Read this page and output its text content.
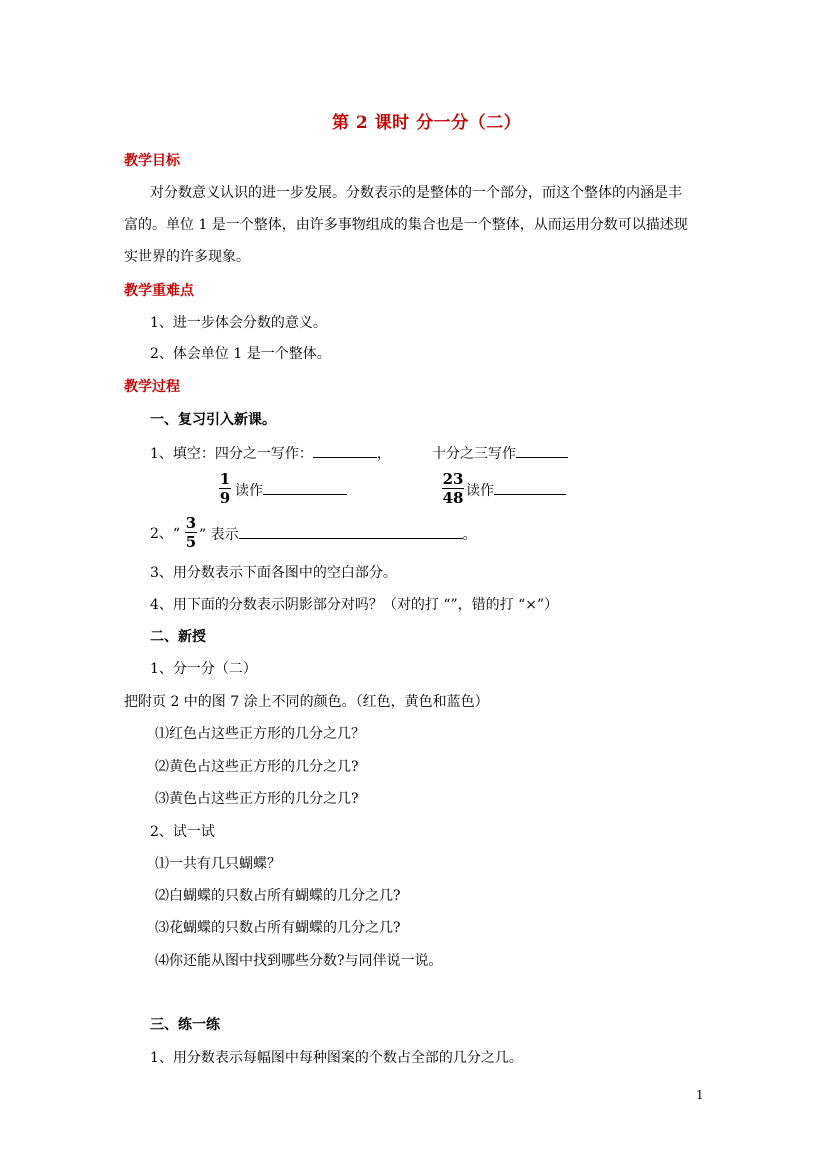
第 2 课时 分一分（二）
教学目标
对分数意义认识的进一步发展。分数表示的是整体的一个部分，而这个整体的内涵是丰
富的。单位 1 是一个整体，由许多事物组成的集合也是一个整体，从而运用分数可以描述现
实世界的许多现象。
教学重难点
1、进一步体会分数的意义。
2、体会单位 1 是一个整体。
教学过程
一、复习引入新课。
1、填空：四分之一写作：	，	十分之三写作
1
9 读作
23
48 读作
2、“
3
5 ” 表示	。
3、用分数表示下面各图中的空白部分。
4、用下面的分数表示阴影部分对吗？（对的打 “”，错的打 “×”）
二、新授
1、分一分（二）
把附页 2 中的图 7 涂上不同的颜色。（红色，黄色和蓝色）
⑴红色占这些正方形的几分之几？
⑵黄色占这些正方形的几分之几?
⑶黄色占这些正方形的几分之几?
2、试一试
⑴一共有几只蝴蝶？
⑵白蝴蝶的只数占所有蝴蝶的几分之几?
⑶花蝴蝶的只数占所有蝴蝶的几分之几?
⑷你还能从图中找到哪些分数?与同伴说一说。
三、练一练
1、用分数表示每幅图中每种图案的个数占全部的几分之几。
1
